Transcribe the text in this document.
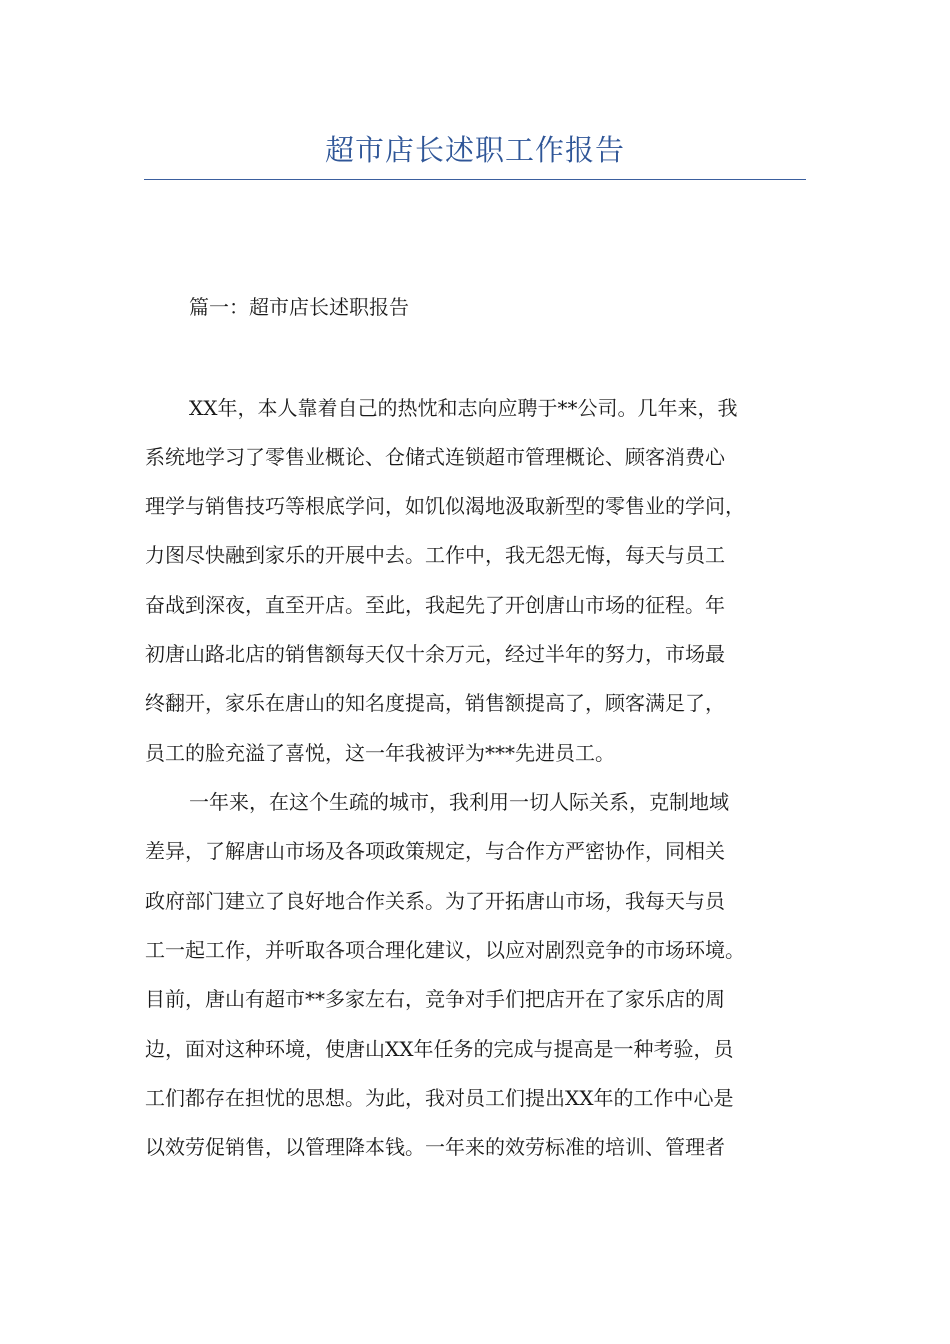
超市店长述职工作报告
篇一：超市店长述职报告
XX年，本人靠着自己的热忱和志向应聘于**公司。几年来，我
系统地学习了零售业概论、仓储式连锁超市管理概论、顾客消费心
理学与销售技巧等根底学问，如饥似渴地汲取新型的零售业的学问，
力图尽快融到家乐的开展中去。工作中，我无怨无悔，每天与员工
奋战到深夜，直至开店。至此，我起先了开创唐山市场的征程。年
初唐山路北店的销售额每天仅十余万元，经过半年的努力，市场最
终翻开，家乐在唐山的知名度提高，销售额提高了，顾客满足了，
员工的脸充溢了喜悦，这一年我被评为***先进员工。
一年来，在这个生疏的城市，我利用一切人际关系，克制地域
差异，了解唐山市场及各项政策规定，与合作方严密协作，同相关
政府部门建立了良好地合作关系。为了开拓唐山市场，我每天与员
工一起工作，并听取各项合理化建议，以应对剧烈竞争的市场环境。
目前，唐山有超市**多家左右，竞争对手们把店开在了家乐店的周
边，面对这种环境，使唐山XX年任务的完成与提高是一种考验，员
工们都存在担忧的思想。为此，我对员工们提出XX年的工作中心是
以效劳促销售，以管理降本钱。一年来的效劳标准的培训、管理者
